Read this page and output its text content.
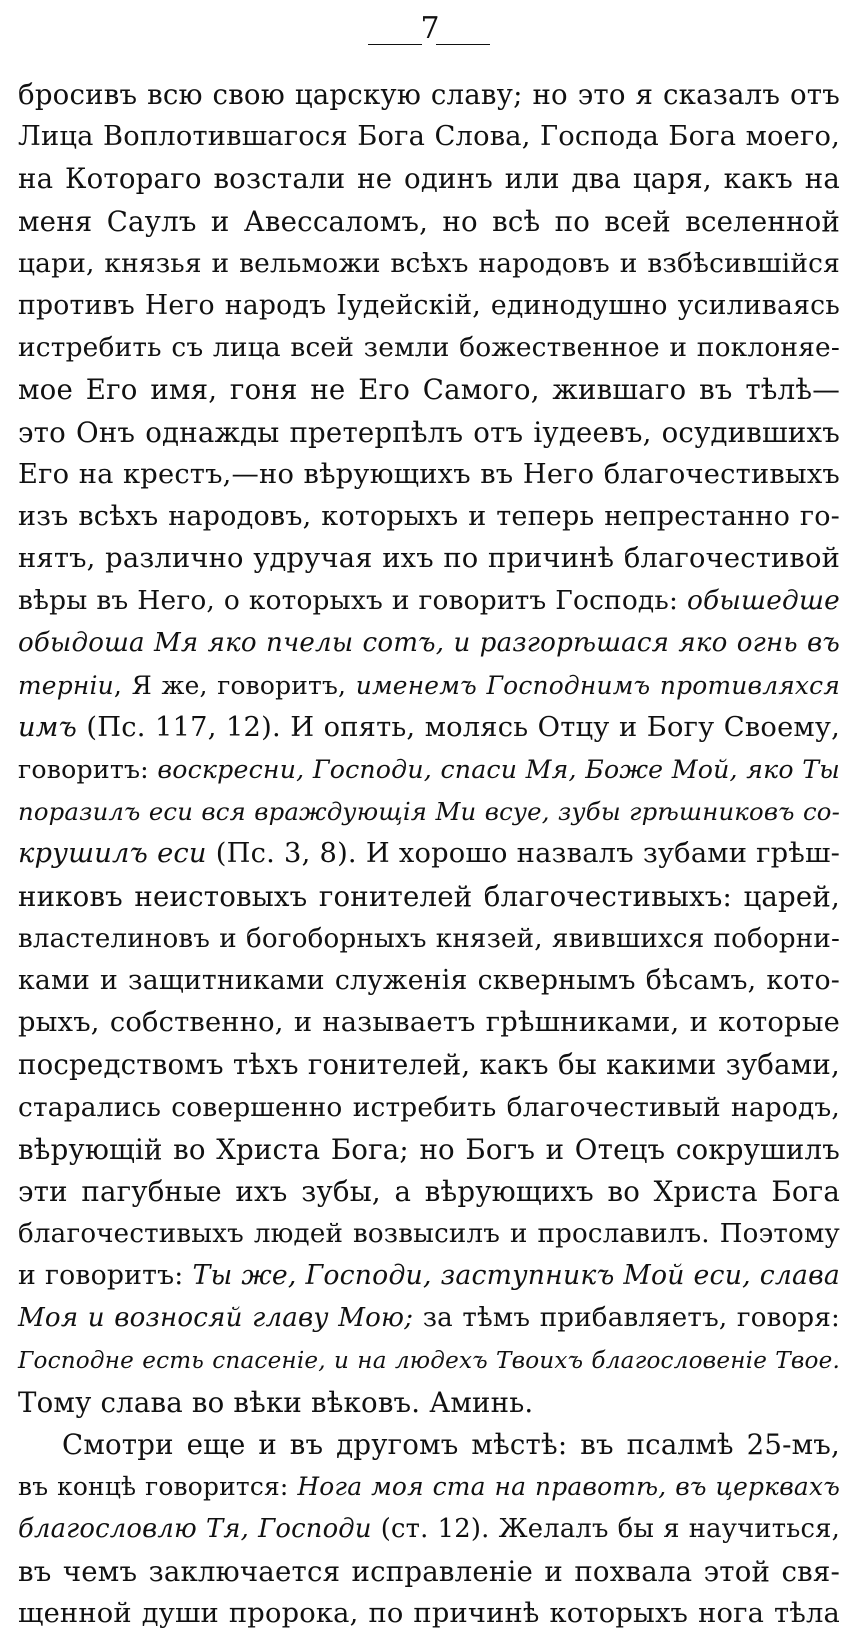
7
бросивъ всю свою царскую славу; но это я сказалъ отъ
Лица Воплотившагося Бога Слова, Господа Бога моего,
на Котораго возстали не одинъ или два царя, какъ на
меня Саулъ и Авессаломъ, но всѣ по всей вселенной
цари, князья и вельможи всѣхъ народовъ и взбѣсившійся
противъ Него народъ Іудейскій, единодушно усиливаясь
истребить съ лица всей земли божественное и поклоняе-
мое Его имя, гоня не Его Самого, жившаго въ тѣлѣ—
это Онъ однажды претерпѣлъ отъ іудеевъ, осудившихъ
Его на крестъ,—но вѣрующихъ въ Него благочестивыхъ
изъ всѣхъ народовъ, которыхъ и теперь непрестанно го-
нятъ, различно удручая ихъ по причинѣ благочестивой
вѣры въ Него, о которыхъ и говоритъ Господь: обышедше
обыдоша Мя яко пчелы сотъ, и разгорѣшася яко огнь въ
терніи, Я же, говоритъ, именемъ Господнимъ противляхся
имъ (Пс. 117, 12). И опять, молясь Отцу и Богу Своему,
говоритъ: воскресни, Господи, спаси Мя, Боже Мой, яко Ты
поразилъ еси вся враждующія Ми всуе, зубы грѣшниковъ со-
крушилъ еси (Пс. 3, 8). И хорошо назвалъ зубами грѣш-
никовъ неистовыхъ гонителей благочестивыхъ: царей,
властелиновъ и богоборныхъ князей, явившихся поборни-
ками и защитниками служенія сквернымъ бѣсамъ, кото-
рыхъ, собственно, и называетъ грѣшниками, и которые
посредствомъ тѣхъ гонителей, какъ бы какими зубами,
старались совершенно истребить благочестивый народъ,
вѣрующій во Христа Бога; но Богъ и Отецъ сокрушилъ
эти пагубные ихъ зубы, а вѣрующихъ во Христа Бога
благочестивыхъ людей возвысилъ и прославилъ. Поэтому
и говоритъ: Ты же, Господи, заступникъ Мой еси, слава
Моя и возносяй главу Мою; за тѣмъ прибавляетъ, говоря:
Господне есть спасеніе, и на людехъ Твоихъ благословеніе Твое.
Тому слава во вѣки вѣковъ. Аминь.
Смотри еще и въ другомъ мѣстѣ: въ псалмѣ 25-мъ,
въ концѣ говорится: Нога моя ста на правотѣ, въ церквахъ
благословлю Тя, Господи (ст. 12). Желалъ бы я научиться,
въ чемъ заключается исправленіе и похвала этой свя-
щенной души пророка, по причинѣ которыхъ нога тѣла
